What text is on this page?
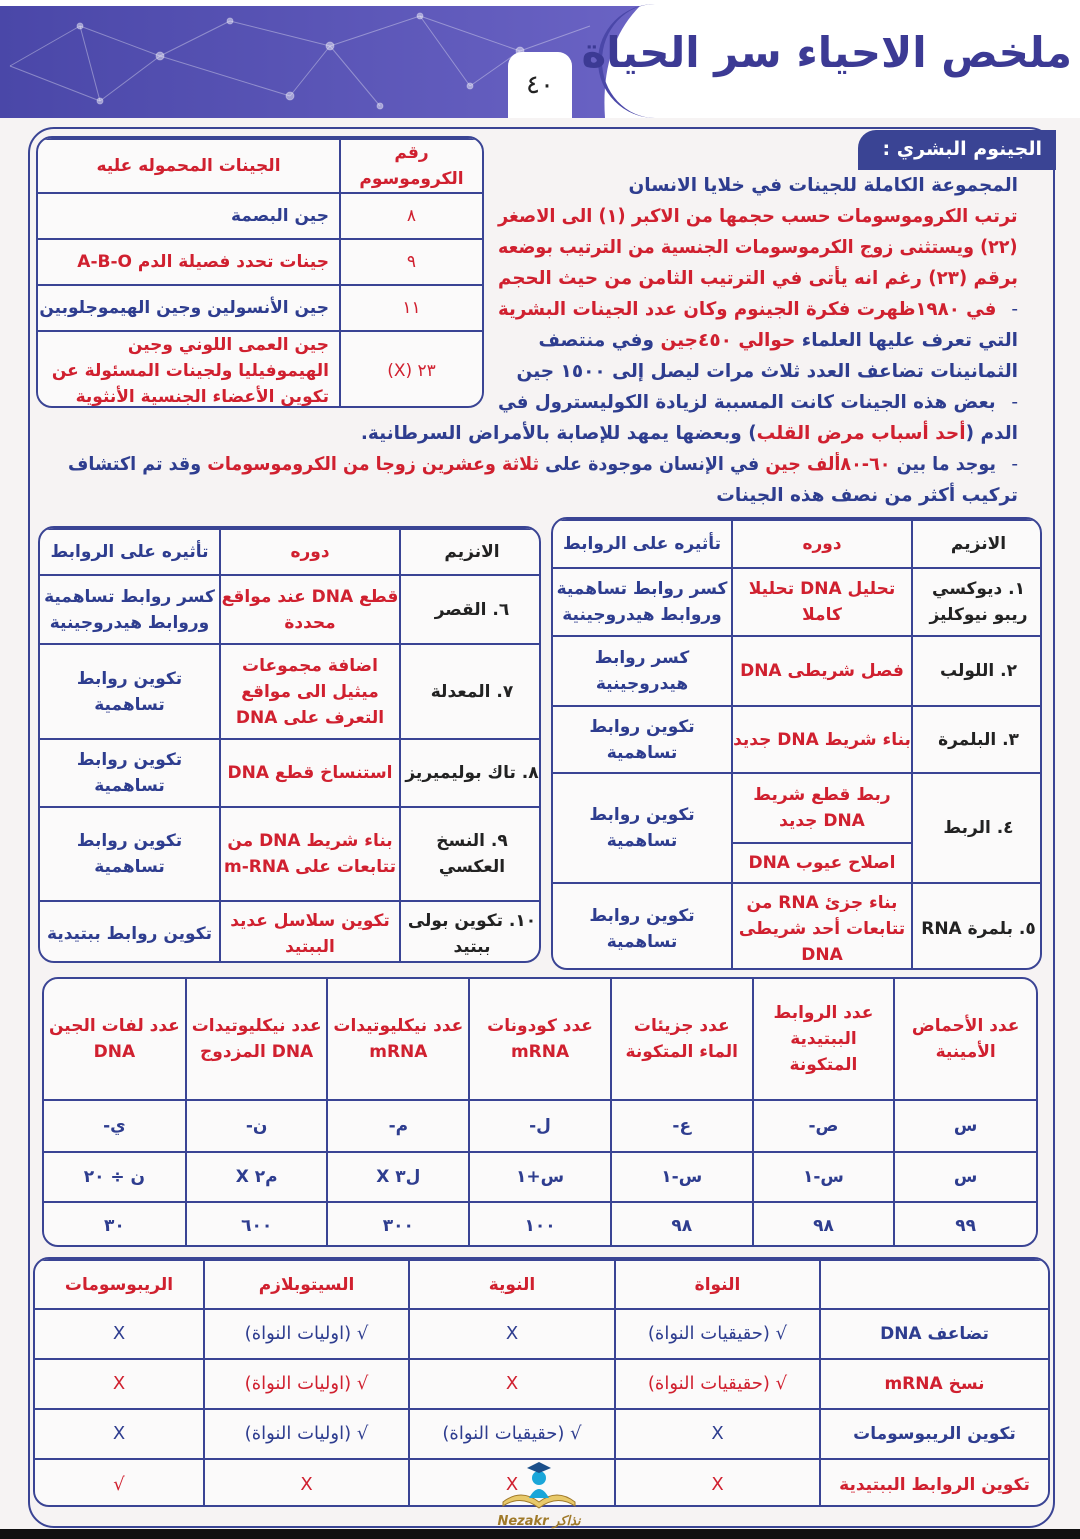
٤٠
ملخص الاحياء سر الحياة
الجينوم البشري :
المجموعة الكاملة للجينات في خلايا الانسان
ترتب الكروموسومات حسب حجمها من الاكبر (١) الى الاصغر
(٢٢) ويستثنى زوج الكرموسومات الجنسية من الترتيب بوضعه
برقم (٢٣) رغم انه يأتى في الترتيب الثامن من حيث الحجم
- في ١٩٨٠ظهرت فكرة الجينوم وكان عدد الجينات البشرية
التي تعرف عليها العلماء حوالي ٤٥٠جين وفي منتصف
الثمانينات تضاعف العدد ثلاث مرات ليصل إلى ١٥٠٠ جين
- بعض هذه الجينات كانت المسببة لزيادة الكوليسترول في
الدم (أحد أسباب مرض القلب) وبعضها يمهد للإصابة بالأمراض السرطانية.
- يوجد ما بين ٦٠-٨٠ألف جين في الإنسان موجودة على ثلاثة وعشرين زوجا من الكروموسومات وقد تم اكتشاف
تركيب أكثر من نصف هذه الجينات
رقم الكروموسوم	الجينات المحموله عليه
٨	جين البصمة
٩	جينات تحدد فصيلة الدم A-B-O
١١	جين الأنسولين وجين الهيموجلوبين
٢٣ (X)	جين العمى اللوني وجين الهيموفيليا ولجينات المسئولة عن تكوين الأعضاء الجنسية الأنثوية
الانزيم	دوره	تأثيره على الروابط
١. ديوكسي ريبو نيوكليز	تحليل DNA تحليلا كاملا	كسر روابط تساهمية وروابط هيدروجينية
٢. اللولب	فصل شريطى DNA	كسر روابط هيدروجينية
٣. البلمرة	بناء شريط DNA جديد	تكوين روابط تساهمية
٤. الربط	ربط قطع شريط DNA جديد	تكوين روابط تساهمية
	اصلاح عيوب DNA	
٥. بلمرة RNA	بناء جزئ RNA من تتابعات أحد شريطى DNA	تكوين روابط تساهمية
الانزيم	دوره	تأثيره على الروابط
٦. القصر	قطع DNA عند مواقع محددة	كسر روابط تساهمية وروابط هيدروجينية
٧. المعدلة	اضافة مجموعات ميثيل الى مواقع التعرف على DNA	تكوين روابط تساهمية
٨. تاك بوليميريز	استنساخ قطع DNA	تكوين روابط تساهمية
٩. النسخ العكسي	بناء شريط DNA من تتابعات على m-RNA	تكوين روابط تساهمية
١٠. تكوين بولى ببتيد	تكوين سلاسل عديد الببتيد	تكوين روابط ببتيدية
عدد الأحماض الأمينية	عدد الروابط الببتيدية المتكونة	عدد جزيئات الماء المتكونة	عدد كودونات mRNA	عدد نيكليوتيدات mRNA	عدد نيكليوتيدات DNA المزدوج	عدد لفات الجين DNA
س	ص-	ع-	ل-	م-	ن-	ي-
س	س-١	س-١	س+١	ل٣ X	م٢ X	ن ÷ ٢٠
٩٩	٩٨	٩٨	١٠٠	٣٠٠	٦٠٠	٣٠
	النواة	النوية	السيتوبلازم	الريبوسومات
تضاعف DNA	√ (حقيقيات النواة)	X	√ (اوليات النواة)	X
نسخ mRNA	√ (حقيقيات النواة)	X	√ (اوليات النواة)	X
تكوين الريبوسومات	X	√ (حقيقيات النواة)	√ (اوليات النواة)	X
تكوين الروابط الببتيدية	X	X	X	√
Nezakr نذاكر
